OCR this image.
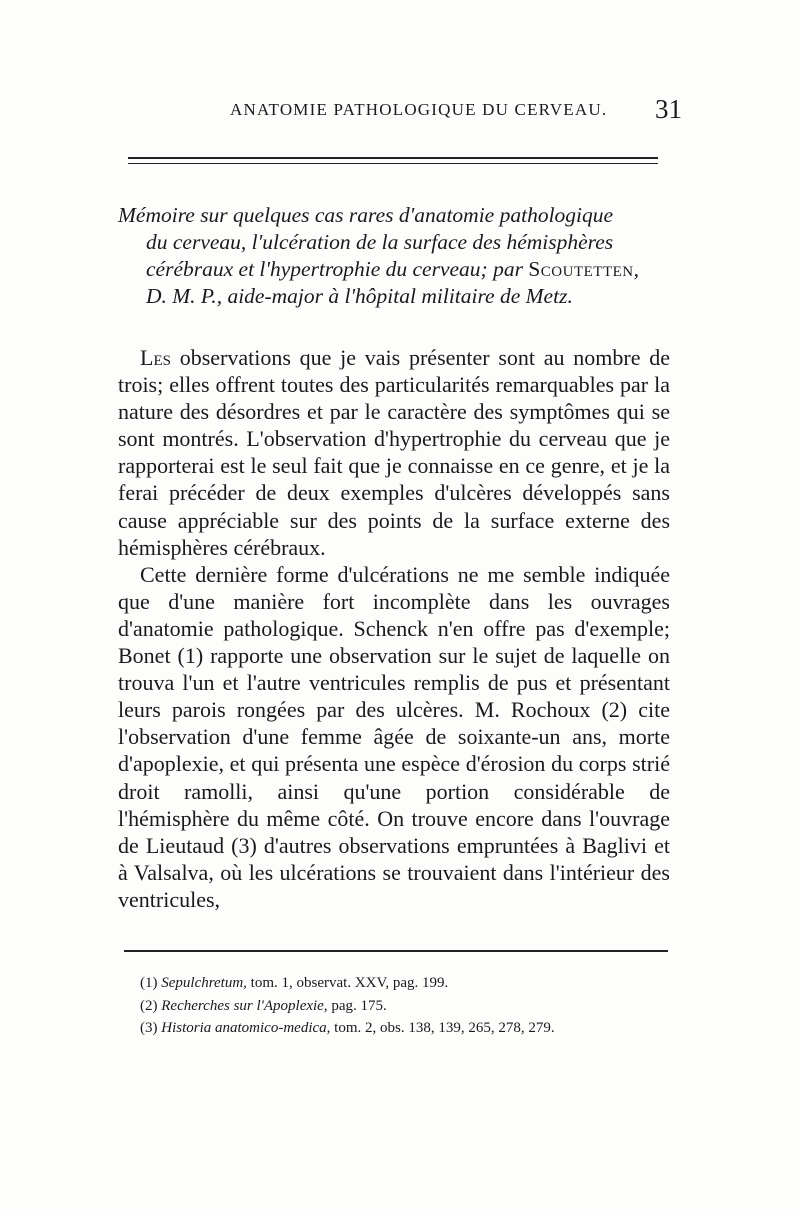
ANATOMIE PATHOLOGIQUE DU CERVEAU. 31
Mémoire sur quelques cas rares d'anatomie pathologique
du cerveau, l'ulcération de la surface des hémisphères
cérébraux et l'hypertrophie du cerveau; par Scoutetten,
D. M. P., aide-major à l'hôpital militaire de Metz.

Les observations que je vais présenter sont au nombre de trois; elles offrent toutes des particularités remarquables par la nature des désordres et par le caractère des symptômes qui se sont montrés. L'observation d'hypertrophie du cerveau que je rapporterai est le seul fait que je connaisse en ce genre, et je la ferai précéder de deux exemples d'ulcères développés sans cause appréciable sur des points de la surface externe des hémisphères cérébraux.

Cette dernière forme d'ulcérations ne me semble indiquée que d'une manière fort incomplète dans les ouvrages d'anatomie pathologique. Schenck n'en offre pas d'exemple; Bonet (1) rapporte une observation sur le sujet de laquelle on trouva l'un et l'autre ventricules remplis de pus et présentant leurs parois rongées par des ulcères. M. Rochoux (2) cite l'observation d'une femme âgée de soixante-un ans, morte d'apoplexie, et qui présenta une espèce d'érosion du corps strié droit ramolli, ainsi qu'une portion considérable de l'hémisphère du même côté. On trouve encore dans l'ouvrage de Lieutaud (3) d'autres observations empruntées à Baglivi et à Valsalva, où les ulcérations se trouvaient dans l'intérieur des ventricules,

(1) Sepulchretum, tom. 1, observat. XXV, pag. 199.
(2) Recherches sur l'Apoplexie, pag. 175.
(3) Historia anatomico-medica, tom. 2, obs. 138, 139, 265, 278, 279.
